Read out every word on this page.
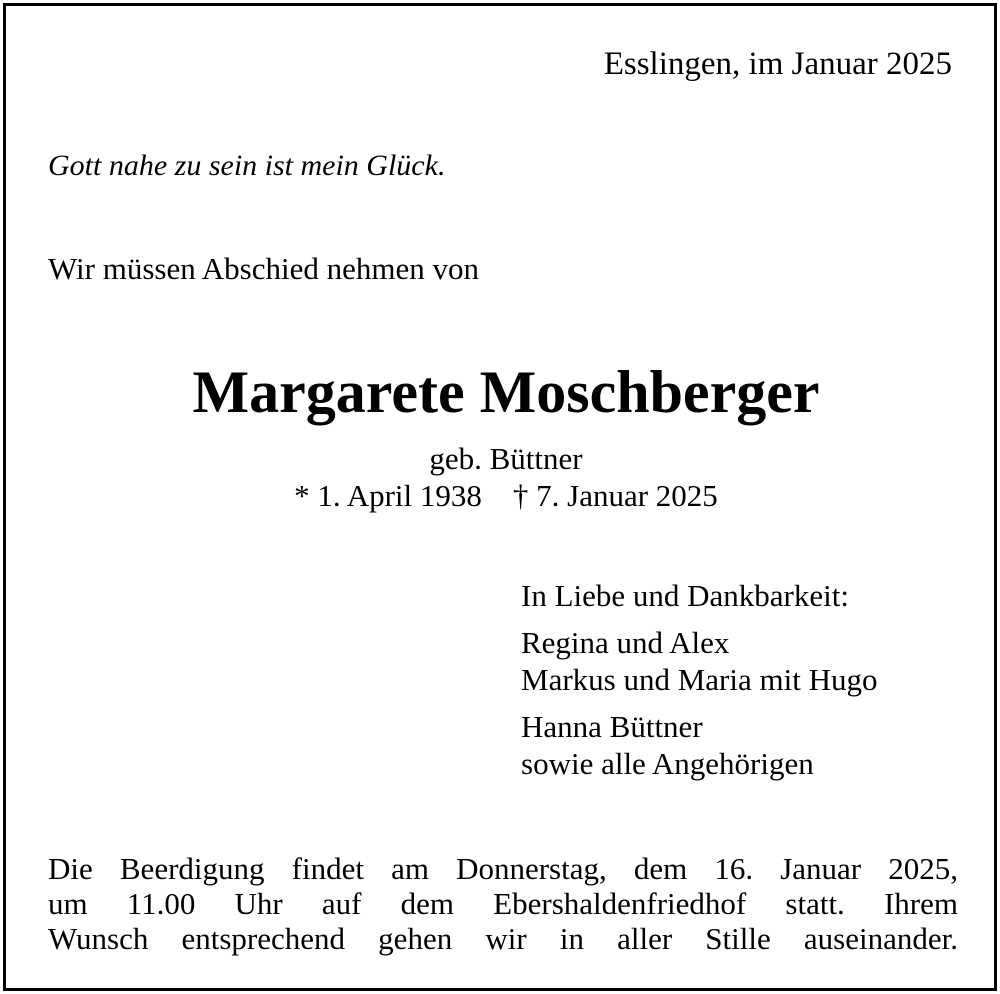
Esslingen, im Januar 2025

Gott nahe zu sein ist mein Glück.

Wir müssen Abschied nehmen von

Margarete Moschberger

geb. Büttner

* 1. April 1938 † 7. Januar 2025

In Liebe und Dankbarkeit:
Regina und Alex
Markus und Maria mit Hugo
Hanna Büttner
sowie alle Angehörigen
Die Beerdigung findet am Donnerstag, dem 16. Januar 2025,
um 11.00 Uhr auf dem Ebershaldenfriedhof statt. Ihrem
Wunsch entsprechend gehen wir in aller Stille auseinander.
